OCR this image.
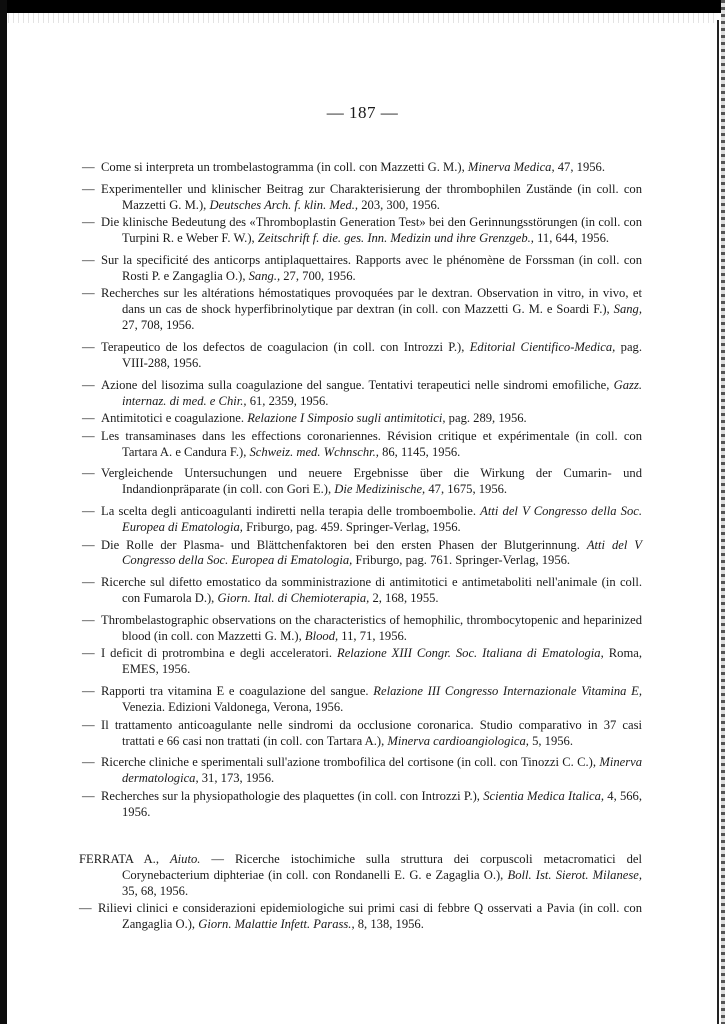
— 187 —
— Come si interpreta un trombelastogramma (in coll. con Mazzetti G. M.), Minerva Medica, 47, 1956.
— Experimenteller und klinischer Beitrag zur Charakterisierung der thrombophilen Zustände (in coll. con Mazzetti G. M.), Deutsches Arch. f. klin. Med., 203, 300, 1956.
— Die klinische Bedeutung des «Thromboplastin Generation Test» bei den Gerinnungsstörungen (in coll. con Turpini R. e Weber F. W.), Zeitschrift f. die. ges. Inn. Medizin und ihre Grenzgeb., 11, 644, 1956.
— Sur la specificité des anticorps antiplaquettaires. Rapports avec le phénomène de Forssman (in coll. con Rosti P. e Zangaglia O.), Sang., 27, 700, 1956.
— Recherches sur les altérations hémostatiques provoquées par le dextran. Observation in vitro, in vivo, et dans un cas de shock hyperfibrinolytique par dextran (in coll. con Mazzetti G. M. e Soardi F.), Sang, 27, 708, 1956.
— Terapeutico de los defectos de coagulacion (in coll. con Introzzi P.), Editorial Cientifico-Medica, pag. VIII-288, 1956.
— Azione del lisozima sulla coagulazione del sangue. Tentativi terapeutici nelle sindromi emofiliche, Gazz. internaz. di med. e Chir., 61, 2359, 1956.
— Antimitotici e coagulazione. Relazione I Simposio sugli antimitotici, pag. 289, 1956.
— Les transaminases dans les effections coronariennes. Révision critique et expérimentale (in coll. con Tartara A. e Candura F.), Schweiz. med. Wchnschr., 86, 1145, 1956.
— Vergleichende Untersuchungen und neuere Ergebnisse über die Wirkung der Cumarin- und Indandionpräparate (in coll. con Gori E.), Die Medizinische, 47, 1675, 1956.
— La scelta degli anticoagulanti indiretti nella terapia delle tromboembolie. Atti del V Congresso della Soc. Europea di Ematologia, Friburgo, pag. 459. Springer-Verlag, 1956.
— Die Rolle der Plasma- und Blättchenfaktoren bei den ersten Phasen der Blutgerinnung. Atti del V Congresso della Soc. Europea di Ematologia, Friburgo, pag. 761. Springer-Verlag, 1956.
— Ricerche sul difetto emostatico da somministrazione di antimitotici e antimetaboliti nell'animale (in coll. con Fumarola D.), Giorn. Ital. di Chemioterapia, 2, 168, 1955.
— Thrombelastographic observations on the characteristics of hemophilic, thrombocytopenic and heparinized blood (in coll. con Mazzetti G. M.), Blood, 11, 71, 1956.
— I deficit di protrombina e degli acceleratori. Relazione XIII Congr. Soc. Italiana di Ematologia, Roma, EMES, 1956.
— Rapporti tra vitamina E e coagulazione del sangue. Relazione III Congresso Internazionale Vitamina E, Venezia. Edizioni Valdonega, Verona, 1956.
— Il trattamento anticoagulante nelle sindromi da occlusione coronarica. Studio comparativo in 37 casi trattati e 66 casi non trattati (in coll. con Tartara A.), Minerva cardioangiologica, 5, 1956.
— Ricerche cliniche e sperimentali sull'azione trombofilica del cortisone (in coll. con Tinozzi C. C.), Minerva dermatologica, 31, 173, 1956.
— Recherches sur la physiopathologie des plaquettes (in coll. con Introzzi P.), Scientia Medica Italica, 4, 566, 1956.
FERRATA A., Aiuto. — Ricerche istochimiche sulla struttura dei corpuscoli metacromatici del Corynebacterium diphteriae (in coll. con Rondanelli E. G. e Zagaglia O.), Boll. Ist. Sierot. Milanese, 35, 68, 1956.
— Rilievi clinici e considerazioni epidemiologiche sui primi casi di febbre Q osservati a Pavia (in coll. con Zangaglia O.), Giorn. Malattie Infett. Parass., 8, 138, 1956.
